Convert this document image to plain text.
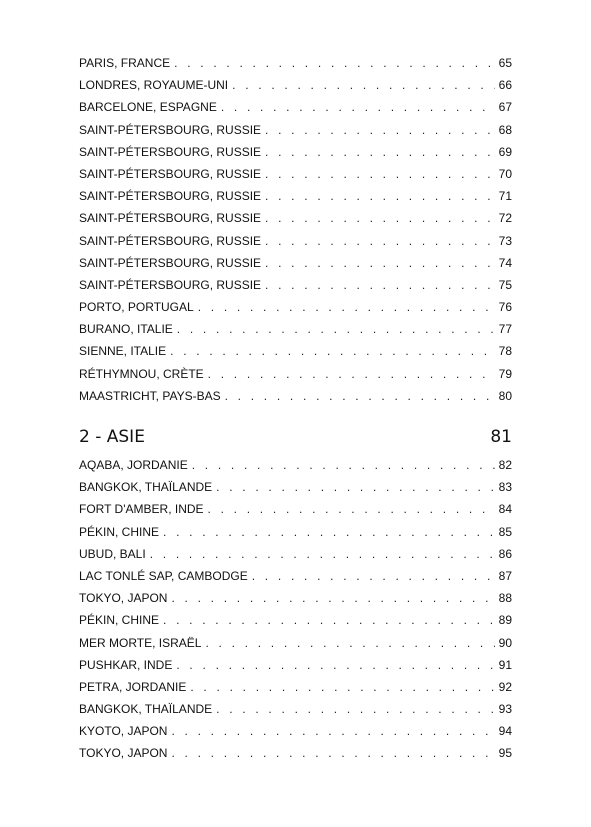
PARIS, FRANCE . . .	65
LONDRES, ROYAUME-UNI . . .	66
BARCELONE, ESPAGNE . . .	67
SAINT-PÉTERSBOURG, RUSSIE . . .	68
SAINT-PÉTERSBOURG, RUSSIE . . .	69
SAINT-PÉTERSBOURG, RUSSIE . . .	70
SAINT-PÉTERSBOURG, RUSSIE . . .	71
SAINT-PÉTERSBOURG, RUSSIE . . .	72
SAINT-PÉTERSBOURG, RUSSIE . . .	73
SAINT-PÉTERSBOURG, RUSSIE . . .	74
SAINT-PÉTERSBOURG, RUSSIE . . .	75
PORTO, PORTUGAL . . .	76
BURANO, ITALIE . . .	77
SIENNE, ITALIE . . .	78
RÉTHYMNOU, CRÈTE . . .	79
MAASTRICHT, PAYS-BAS . . .	80
2 - ASIE	81
AQABA, JORDANIE . . .	82
BANGKOK, THAÏLANDE . . .	83
FORT D'AMBER, INDE . . .	84
PÉKIN, CHINE . . .	85
UBUD, BALI . . .	86
LAC TONLÉ SAP, CAMBODGE . . .	87
TOKYO, JAPON . . .	88
PÉKIN, CHINE . . .	89
MER MORTE, ISRAËL . . .	90
PUSHKAR, INDE . . .	91
PETRA, JORDANIE . . .	92
BANGKOK, THAÏLANDE . . .	93
KYOTO, JAPON . . .	94
TOKYO, JAPON . . .	95
